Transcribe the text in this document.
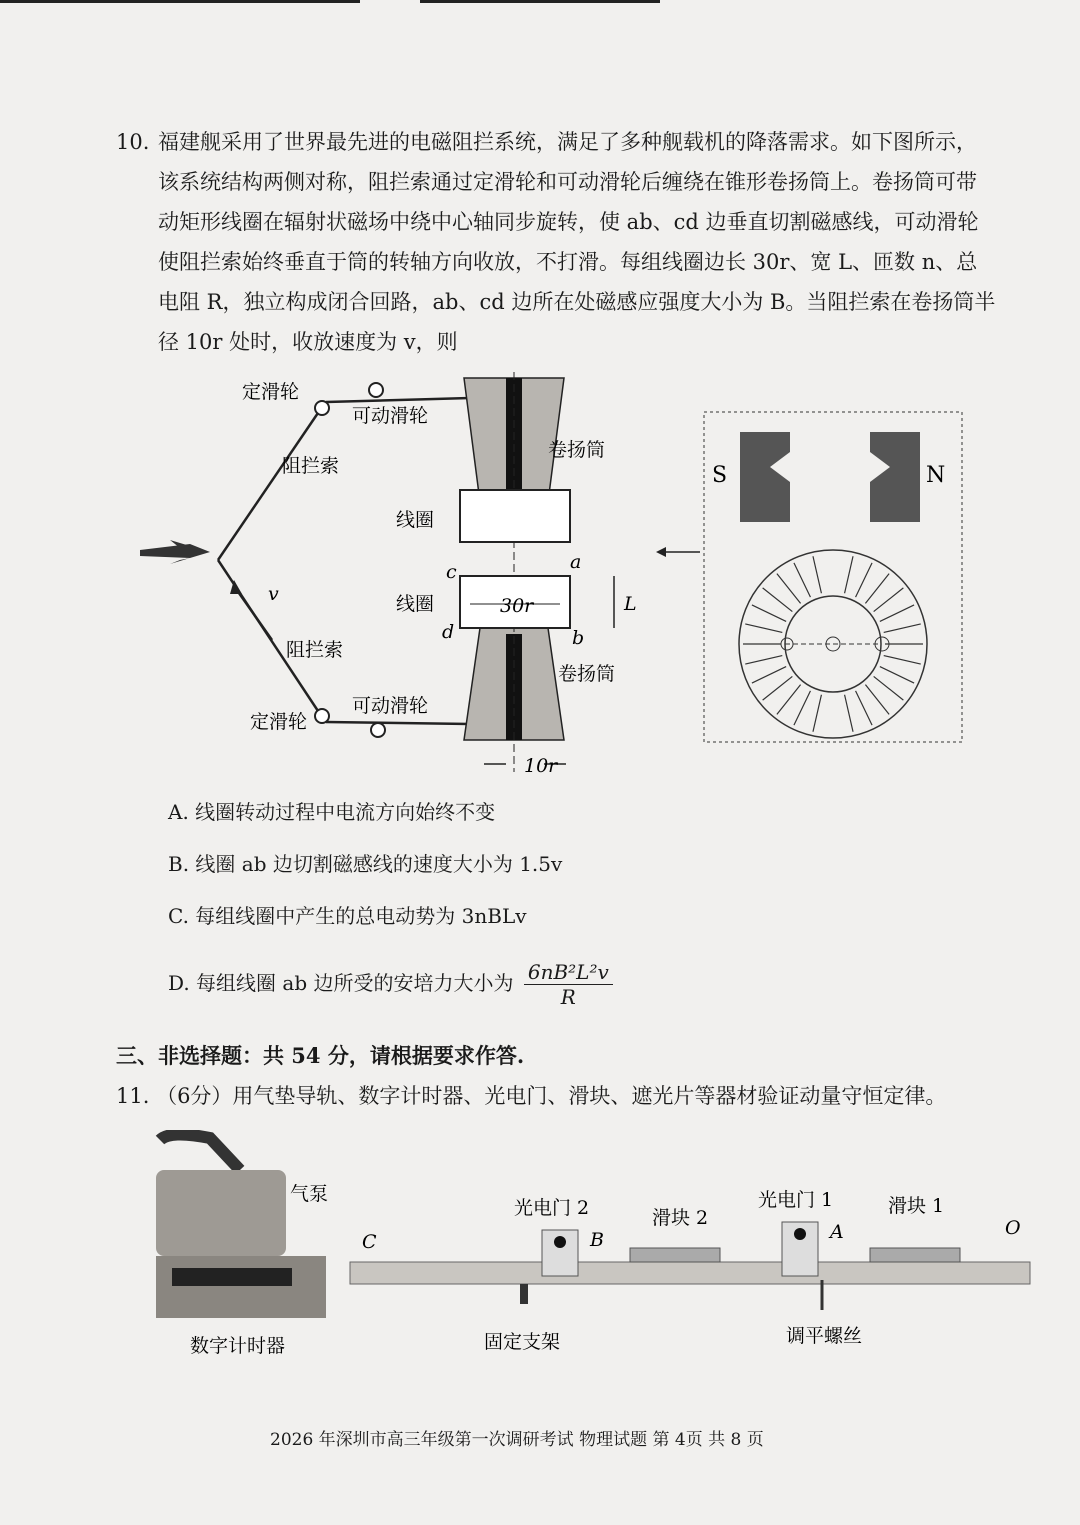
10. 福建舰采用了世界最先进的电磁阻拦系统，满足了多种舰载机的降落需求。如下图所示，该系统结构两侧对称，阻拦索通过定滑轮和可动滑轮后缠绕在锥形卷扬筒上。卷扬筒可带动矩形线圈在辐射状磁场中绕中心轴同步旋转，使 ab、cd 边垂直切割磁感线，可动滑轮使阻拦索始终垂直于筒的转轴方向收放，不打滑。每组线圈边长 30r、宽 L、匝数 n、总电阻 R，独立构成闭合回路，ab、cd 边所在处磁感应强度大小为 B。当阻拦索在卷扬筒半径 10r 处时，收放速度为 v，则
定滑轮
可动滑轮
阻拦索
卷扬筒
线圈
线圈	30r	L
a
b
c
d
v
阻拦索
可动滑轮
卷扬筒
定滑轮
10r
S	N
A. 线圈转动过程中电流方向始终不变
B. 线圈 ab 边切割磁感线的速度大小为 1.5v
C. 每组线圈中产生的总电动势为 3nBLv
D. 每组线圈 ab 边所受的安培力大小为 $\frac{\text{6nB²L²v}}{R}$
三、非选择题：共 54 分，请根据要求作答.
11. （6分）用气垫导轨、数字计时器、光电门、滑块、遮光片等器材验证动量守恒定律。
气泵
光电门 2	滑块 2
光电门 1	滑块 1
C	B	A	O
数字计时器	固定支架	调平螺丝
2026 年深圳市高三年级第一次调研考试 物理试题 第 4页 共 8 页
